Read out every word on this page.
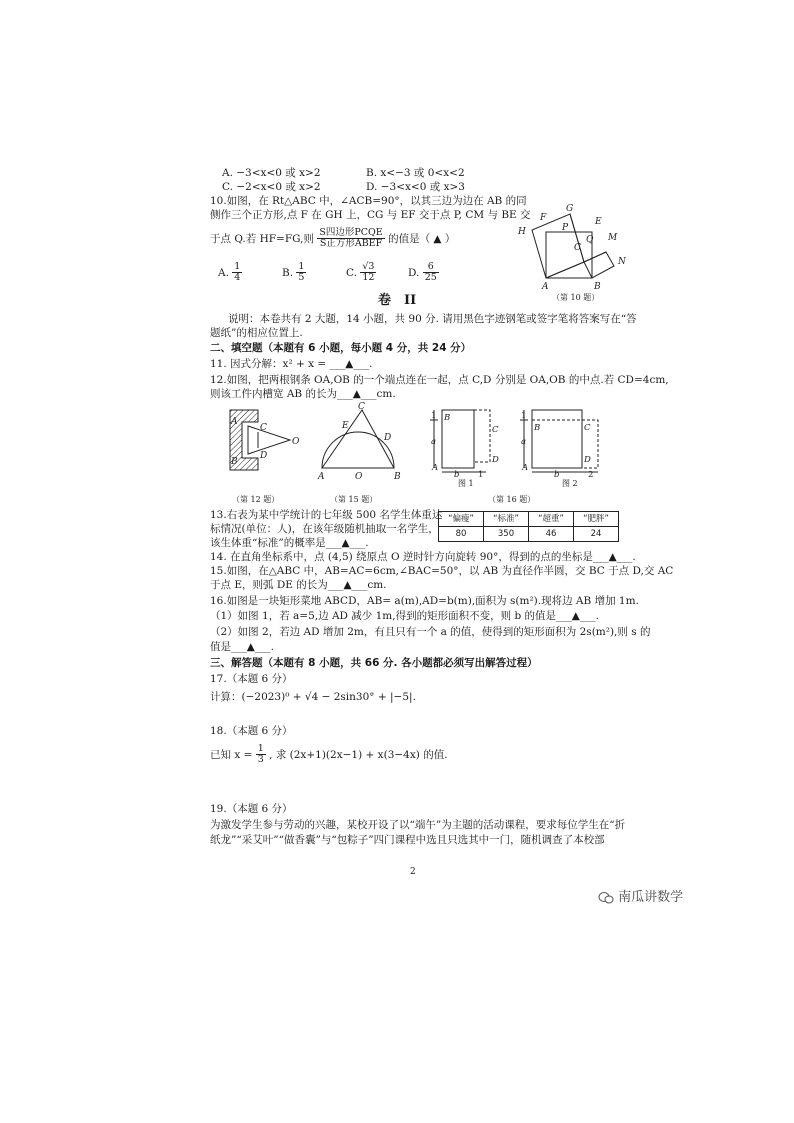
A. −3<x<0 或 x>2	B. x<−3 或 0<x<2
C. −2<x<0 或 x>2	D. −3<x<0 或 x>3
10.如图，在 Rt△ABC 中，∠ACB=90°，以其三边为边在 AB 的同
侧作三个正方形,点 F 在 GH 上，CG 与 EF 交于点 P, CM 与 BE 交
于点 Q.若 HF=FG,则 $\frac{\text{S四边形PCQE}}{\text{S正方形ABEF}}$ 的值是（ ▲ ）
A. $\frac{1}{4}$	B. $\frac{1}{5}$	C. $\frac{√3}{12}$	D. $\frac{6}{25}$
F
G
E
H	P
Q M
C
N
A	B
（第 10 题）
卷　II
说明：本卷共有 2 大题，14 小题，共 90 分. 请用黑色字迹钢笔或签字笔将答案写在“答
题纸”的相应位置上.
二、填空题（本题有 6 小题，每小题 4 分，共 24 分）
11. 因式分解：x² + x = ___▲___.
12.如图，把两根钢条 OA,OB 的一个端点连在一起，点 C,D 分别是 OA,OB 的中点.若 CD=4cm,
则该工件内槽宽 AB 的长为___▲___cm.
A
C
O
D
B
（第 12 题）
C
E
D
A	O	B
（第 15 题）
B
C
1
a
A
b 1
D
图 1
B	C
1
a
A
b	2
D
图 2
（第 16 题）
13.右表为某中学统计的七年级 500 名学生体重达
标情况(单位：人)，在该年级随机抽取一名学生，
该生体重“标准”的概率是___▲___.
“偏瘦”	“标准”	“超重”	“肥胖”
80	350	46	24
14. 在直角坐标系中，点 (4,5) 绕原点 O 逆时针方向旋转 90°，得到的点的坐标是___▲___.
15.如图，在△ABC 中，AB=AC=6cm,∠BAC=50°，以 AB 为直径作半圆，交 BC 于点 D,交 AC
于点 E，则弧 DE 的长为___▲___cm.
16.如图是一块矩形菜地 ABCD，AB= a(m),AD=b(m),面积为 s(m²).现将边 AB 增加 1m.
（1）如图 1，若 a=5,边 AD 减少 1m,得到的矩形面积不变，则 b 的值是___▲___.
（2）如图 2，若边 AD 增加 2m，有且只有一个 a 的值，使得到的矩形面积为 2s(m²),则 s 的
值是___▲___.
三、解答题（本题有 8 小题，共 66 分. 各小题都必须写出解答过程）
17.（本题 6 分）
计算：(−2023)⁰ + √4 − 2sin30° + |−5|.
18.（本题 6 分）
已知 $x = \frac{1}{3}$ , 求 (2x+1)(2x−1) + x(3−4x) 的值.
19.（本题 6 分）
为激发学生参与劳动的兴趣，某校开设了以“端午”为主题的活动课程，要求每位学生在“折
纸龙”“采艾叶”“做香囊”与“包粽子”四门课程中选且只选其中一门，随机调查了本校部
2
南瓜讲数学
